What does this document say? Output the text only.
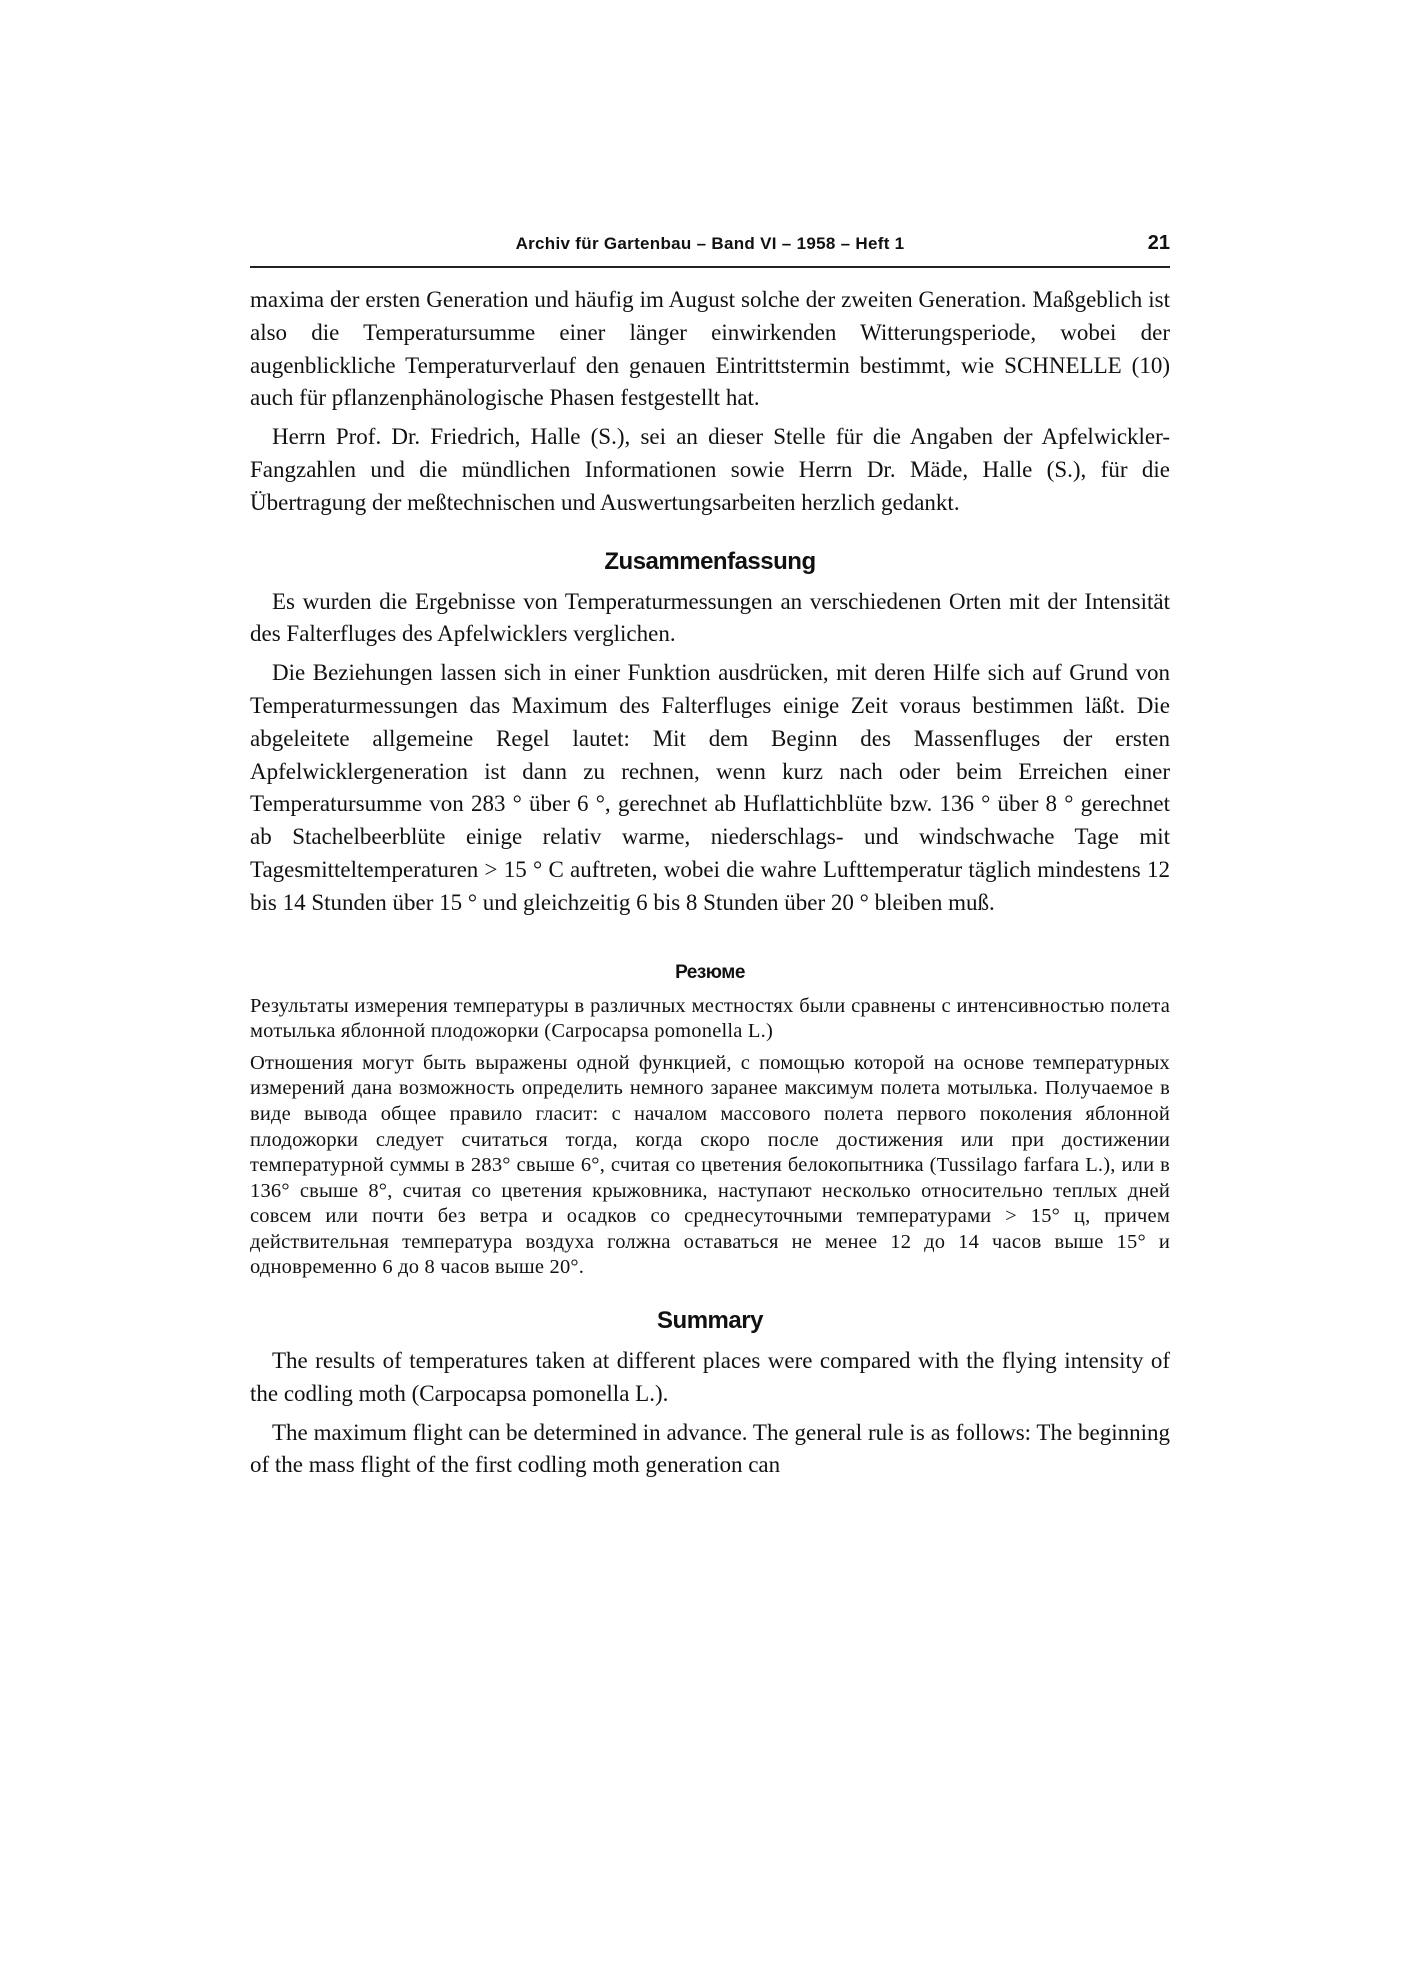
Archiv für Gartenbau – Band VI – 1958 – Heft 1	21

maxima der ersten Generation und häufig im August solche der zweiten Generation. Maßgeblich ist also die Temperatursumme einer länger einwirkenden Witterungsperiode, wobei der augenblickliche Temperaturverlauf den genauen Eintrittstermin bestimmt, wie SCHNELLE (10) auch für pflanzenphänologische Phasen festgestellt hat.

Herrn Prof. Dr. Friedrich, Halle (S.), sei an dieser Stelle für die Angaben der Apfelwickler-Fangzahlen und die mündlichen Informationen sowie Herrn Dr. Mäde, Halle (S.), für die Übertragung der meßtechnischen und Auswertungsarbeiten herzlich gedankt.

Zusammenfassung

Es wurden die Ergebnisse von Temperaturmessungen an verschiedenen Orten mit der Intensität des Falterfluges des Apfelwicklers verglichen.

Die Beziehungen lassen sich in einer Funktion ausdrücken, mit deren Hilfe sich auf Grund von Temperaturmessungen das Maximum des Falterfluges einige Zeit voraus bestimmen läßt. Die abgeleitete allgemeine Regel lautet: Mit dem Beginn des Massenfluges der ersten Apfelwicklergeneration ist dann zu rechnen, wenn kurz nach oder beim Erreichen einer Temperatursumme von 283 ° über 6 °, gerechnet ab Huflattichblüte bzw. 136 ° über 8 ° gerechnet ab Stachelbeerblüte einige relativ warme, niederschlags- und windschwache Tage mit Tagesmitteltemperaturen > 15 ° C auftreten, wobei die wahre Lufttemperatur täglich mindestens 12 bis 14 Stunden über 15 ° und gleichzeitig 6 bis 8 Stunden über 20 ° bleiben muß.

Резюме

Результаты измерения температуры в различных местностях были сравнены с интенсивностью полета мотылька яблонной плодожорки (Carpocapsa pomonella L.)

Отношения могут быть выражены одной функцией, с помощью которой на основе температурных измерений дана возможность определить немного заранее максимум полета мотылька. Получаемое в виде вывода общее правило гласит: с началом массового полета первого поколения яблонной плодожорки следует считаться тогда, когда скоро после достижения или при достижении температурной суммы в 283° свыше 6°, считая со цветения белокопытника (Tussilago farfara L.), или в 136° свыше 8°, считая со цветения крыжовника, наступают несколько относительно теплых дней совсем или почти без ветра и осадков со среднесуточными температурами > 15° ц, причем действительная температура воздуха голжна оставаться не менее 12 до 14 часов выше 15° и одновременно 6 до 8 часов выше 20°.

Summary

The results of temperatures taken at different places were compared with the flying intensity of the codling moth (Carpocapsa pomonella L.).

The maximum flight can be determined in advance. The general rule is as follows: The beginning of the mass flight of the first codling moth generation can
